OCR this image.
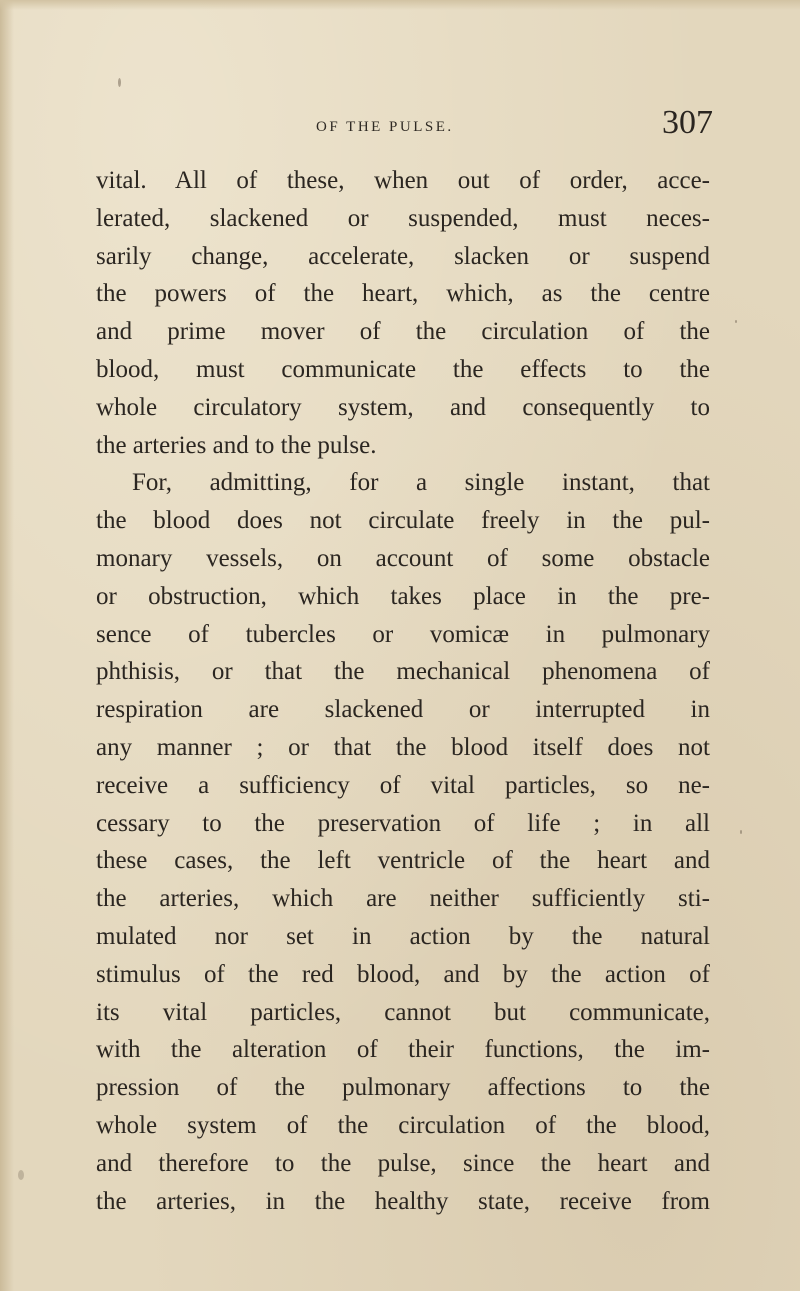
OF THE PULSE.	307
vital. All of these, when out of order, acce-
lerated, slackened or suspended, must neces-
sarily change, accelerate, slacken or suspend
the powers of the heart, which, as the centre
and prime mover of the circulation of the
blood, must communicate the effects to the
whole circulatory system, and consequently to
the arteries and to the pulse.
For, admitting, for a single instant, that
the blood does not circulate freely in the pul-
monary vessels, on account of some obstacle
or obstruction, which takes place in the pre-
sence of tubercles or vomicæ in pulmonary
phthisis, or that the mechanical phenomena of
respiration are slackened or interrupted in
any manner ; or that the blood itself does not
receive a sufficiency of vital particles, so ne-
cessary to the preservation of life ; in all
these cases, the left ventricle of the heart and
the arteries, which are neither sufficiently sti-
mulated nor set in action by the natural
stimulus of the red blood, and by the action of
its vital particles, cannot but communicate,
with the alteration of their functions, the im-
pression of the pulmonary affections to the
whole system of the circulation of the blood,
and therefore to the pulse, since the heart and
the arteries, in the healthy state, receive from
